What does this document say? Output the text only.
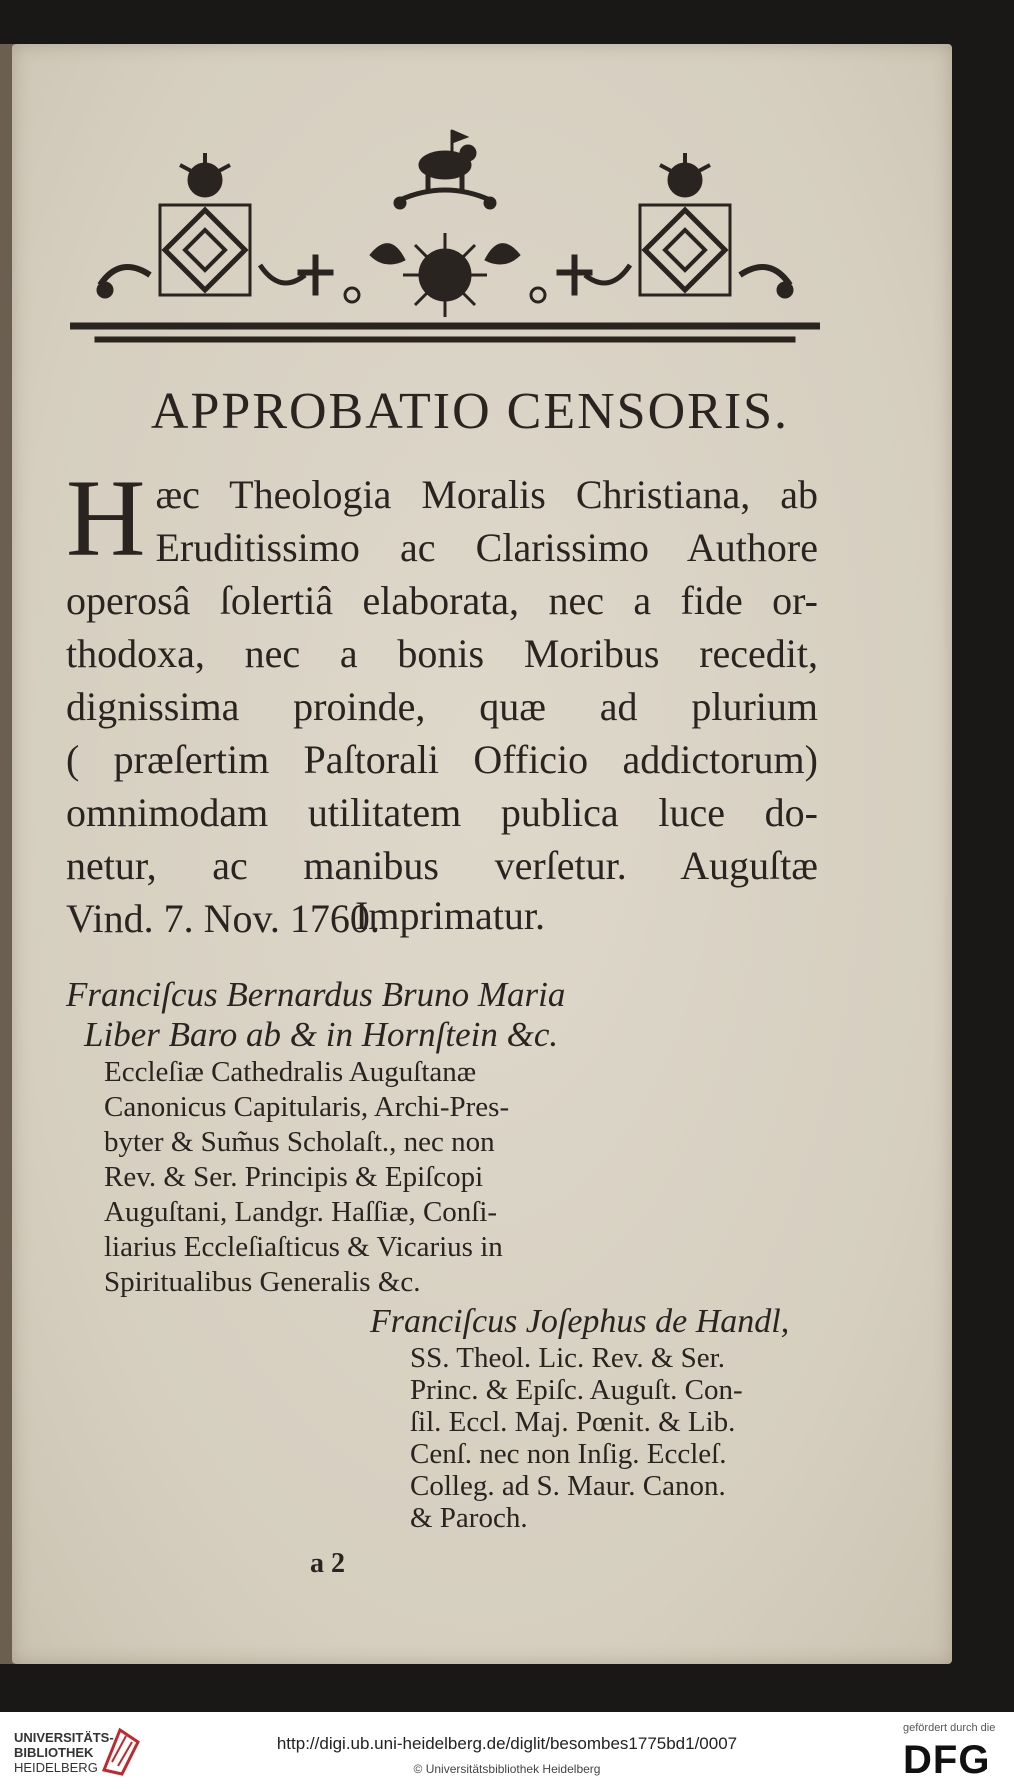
APPROBATIO CENSORIS.
H æc Theologia Moralis Christiana, ab
Eruditissimo ac Clarissimo Authore
operosâ ſolertiâ elaborata, nec a fide or-
thodoxa, nec a bonis Moribus recedit,
dignissima proinde, quæ ad plurium
( præſertim Paſtorali Officio addictorum)
omnimodam utilitatem publica luce do-
netur, ac manibus verſetur. Auguſtæ
Vind. 7. Nov. 1760.
Imprimatur.
Franciſcus Bernardus Bruno Maria
Liber Baro ab & in Hornſtein &c.
Eccleſiæ Cathedralis Auguſtanæ
Canonicus Capitularis, Archi-Pres-
byter & Sum̃us Scholaſt., nec non
Rev. & Ser. Principis & Epiſcopi
Auguſtani, Landgr. Haſſiæ, Conſi-
liarius Eccleſiaſticus & Vicarius in
Spiritualibus Generalis &c.
Franciſcus Joſephus de Handl,
SS. Theol. Lic. Rev. & Ser.
Princ. & Epiſc. Auguſt. Con-
ſil. Eccl. Maj. Pœnit. & Lib.
Cenſ. nec non Inſig. Eccleſ.
Colleg. ad S. Maur. Canon.
& Paroch.
a 2
UNIVERSITÄTS-
BIBLIOTHEK
HEIDELBERG
http://digi.ub.uni-heidelberg.de/diglit/besombes1775bd1/0007
© Universitätsbibliothek Heidelberg
gefördert durch die
DFG
